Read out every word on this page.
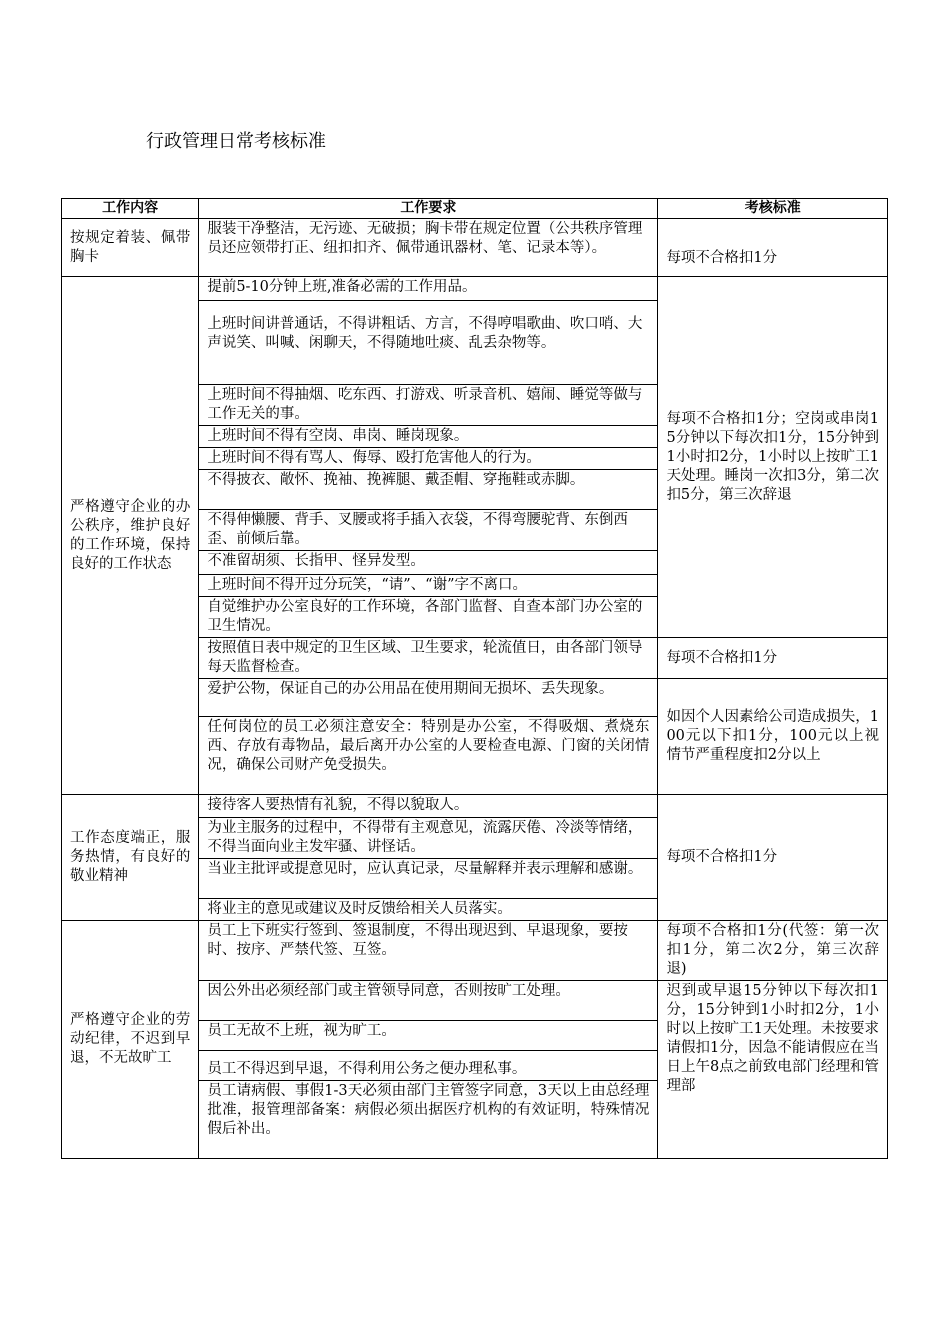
行政管理日常考核标准
工作内容	工作要求	考核标准
按规定着装、佩带胸卡	服装干净整洁，无污迹、无破损；胸卡带在规定位置（公共秩序管理员还应领带打正、纽扣扣齐、佩带通讯器材、笔、记录本等）。	每项不合格扣1分
严格遵守企业的办公秩序，维护良好的工作环境，保持良好的工作状态	提前5-10分钟上班,准备必需的工作用品。	每项不合格扣1分；空岗或串岗15分钟以下每次扣1分，15分钟到1小时扣2分，1小时以上按旷工1天处理。睡岗一次扣3分，第二次扣5分，第三次辞退
	上班时间讲普通话，不得讲粗话、方言，不得哼唱歌曲、吹口哨、大声说笑、叫喊、闲聊天，不得随地吐痰、乱丢杂物等。	
	上班时间不得抽烟、吃东西、打游戏、听录音机、嬉闹、睡觉等做与工作无关的事。	
	上班时间不得有空岗、串岗、睡岗现象。	
	上班时间不得有骂人、侮辱、殴打危害他人的行为。	
	不得披衣、敞怀、挽袖、挽裤腿、戴歪帽、穿拖鞋或赤脚。	
	不得伸懒腰、背手、叉腰或将手插入衣袋，不得弯腰驼背、东倒西歪、前倾后靠。	
	不准留胡须、长指甲、怪异发型。	
	上班时间不得开过分玩笑，“请”、“谢”字不离口。	
	自觉维护办公室良好的工作环境，各部门监督、自查本部门办公室的卫生情况。	
	按照值日表中规定的卫生区域、卫生要求，轮流值日，由各部门领导每天监督检查。	每项不合格扣1分
	爱护公物，保证自己的办公用品在使用期间无损坏、丢失现象。	如因个人因素给公司造成损失，100元以下扣1分，100元以上视情节严重程度扣2分以上
	任何岗位的员工必须注意安全：特别是办公室，不得吸烟、煮烧东西、存放有毒物品，最后离开办公室的人要检查电源、门窗的关闭情况，确保公司财产免受损失。	
工作态度端正，服务热情，有良好的敬业精神	接待客人要热情有礼貌，不得以貌取人。	每项不合格扣1分
	为业主服务的过程中，不得带有主观意见，流露厌倦、冷淡等情绪，不得当面向业主发牢骚、讲怪话。	
	当业主批评或提意见时，应认真记录，尽量解释并表示理解和感谢。	
	将业主的意见或建议及时反馈给相关人员落实。	
严格遵守企业的劳动纪律，不迟到早退，不无故旷工	员工上下班实行签到、签退制度，不得出现迟到、早退现象，要按时、按序、严禁代签、互签。	每项不合格扣1分(代签：第一次扣1分，第二次2分，第三次辞退)
	因公外出必须经部门或主管领导同意，否则按旷工处理。	迟到或早退15分钟以下每次扣1分，15分钟到1小时扣2分，1小时以上按旷工1天处理。未按要求请假扣1分，因急不能请假应在当日上午8点之前致电部门经理和管理部
	员工无故不上班，视为旷工。	
	员工不得迟到早退，不得利用公务之便办理私事。	
	员工请病假、事假1-3天必须由部门主管签字同意，3天以上由总经理批准，报管理部备案：病假必须出据医疗机构的有效证明，特殊情况假后补出。	
